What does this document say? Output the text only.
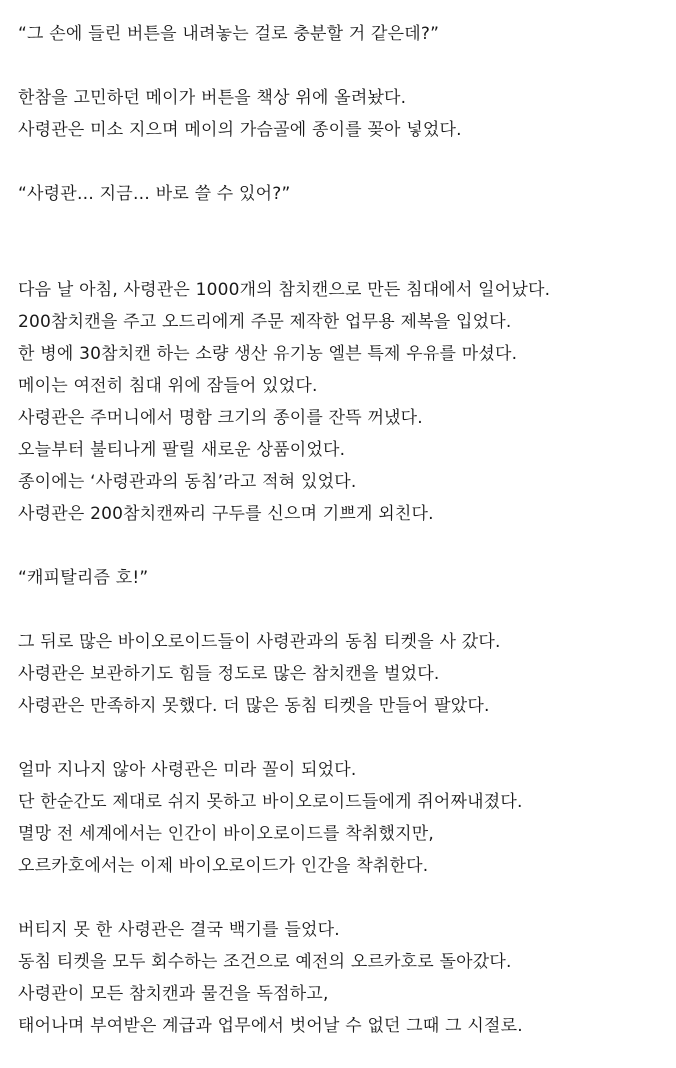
“그 손에 들린 버튼을 내려놓는 걸로 충분할 거 같은데?”
한참을 고민하던 메이가 버튼을 책상 위에 올려놨다.
사령관은 미소 지으며 메이의 가슴골에 종이를 꽂아 넣었다.
“사령관… 지금… 바로 쓸 수 있어?”
다음 날 아침, 사령관은 1000개의 참치캔으로 만든 침대에서 일어났다.
200참치캔을 주고 오드리에게 주문 제작한 업무용 제복을 입었다.
한 병에 30참치캔 하는 소량 생산 유기농 엘븐 특제 우유를 마셨다.
메이는 여전히 침대 위에 잠들어 있었다.
사령관은 주머니에서 명함 크기의 종이를 잔뜩 꺼냈다.
오늘부터 불티나게 팔릴 새로운 상품이었다.
종이에는 ‘사령관과의 동침’라고 적혀 있었다.
사령관은 200참치캔짜리 구두를 신으며 기쁘게 외친다.
“캐피탈리즘 호!”
그 뒤로 많은 바이오로이드들이 사령관과의 동침 티켓을 사 갔다.
사령관은 보관하기도 힘들 정도로 많은 참치캔을 벌었다.
사령관은 만족하지 못했다. 더 많은 동침 티켓을 만들어 팔았다.
얼마 지나지 않아 사령관은 미라 꼴이 되었다.
단 한순간도 제대로 쉬지 못하고 바이오로이드들에게 쥐어짜내졌다.
멸망 전 세계에서는 인간이 바이오로이드를 착취했지만,
오르카호에서는 이제 바이오로이드가 인간을 착취한다.
버티지 못 한 사령관은 결국 백기를 들었다.
동침 티켓을 모두 회수하는 조건으로 예전의 오르카호로 돌아갔다.
사령관이 모든 참치캔과 물건을 독점하고,
태어나며 부여받은 계급과 업무에서 벗어날 수 없던 그때 그 시절로.
